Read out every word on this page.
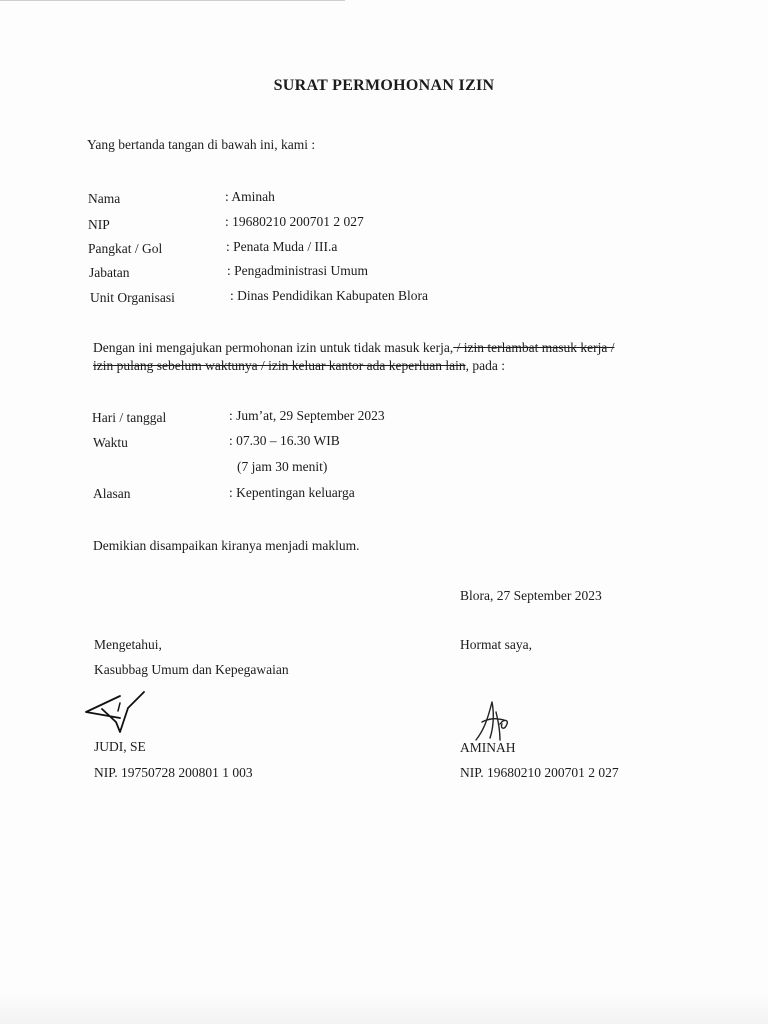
SURAT PERMOHONAN IZIN
Yang bertanda tangan di bawah ini, kami :
Nama	: Aminah
NIP	: 19680210 200701 2 027
Pangkat / Gol	: Penata Muda / III.a
Jabatan	: Pengadministrasi Umum
Unit Organisasi	: Dinas Pendidikan Kabupaten Blora
Dengan ini mengajukan permohonan izin untuk tidak masuk kerja, / izin terlambat masuk kerja /
izin pulang sebelum waktunya / izin keluar kantor ada keperluan lain, pada :
Hari / tanggal	: Jum’at, 29 September 2023
Waktu	: 07.30 – 16.30 WIB
(7 jam 30 menit)
Alasan	: Kepentingan keluarga
Demikian disampaikan kiranya menjadi maklum.
Blora, 27 September 2023
Mengetahui,
Kasubbag Umum dan Kepegawaian
JUDI, SE
NIP. 19750728 200801 1 003
Hormat saya,
AMINAH
NIP. 19680210 200701 2 027
